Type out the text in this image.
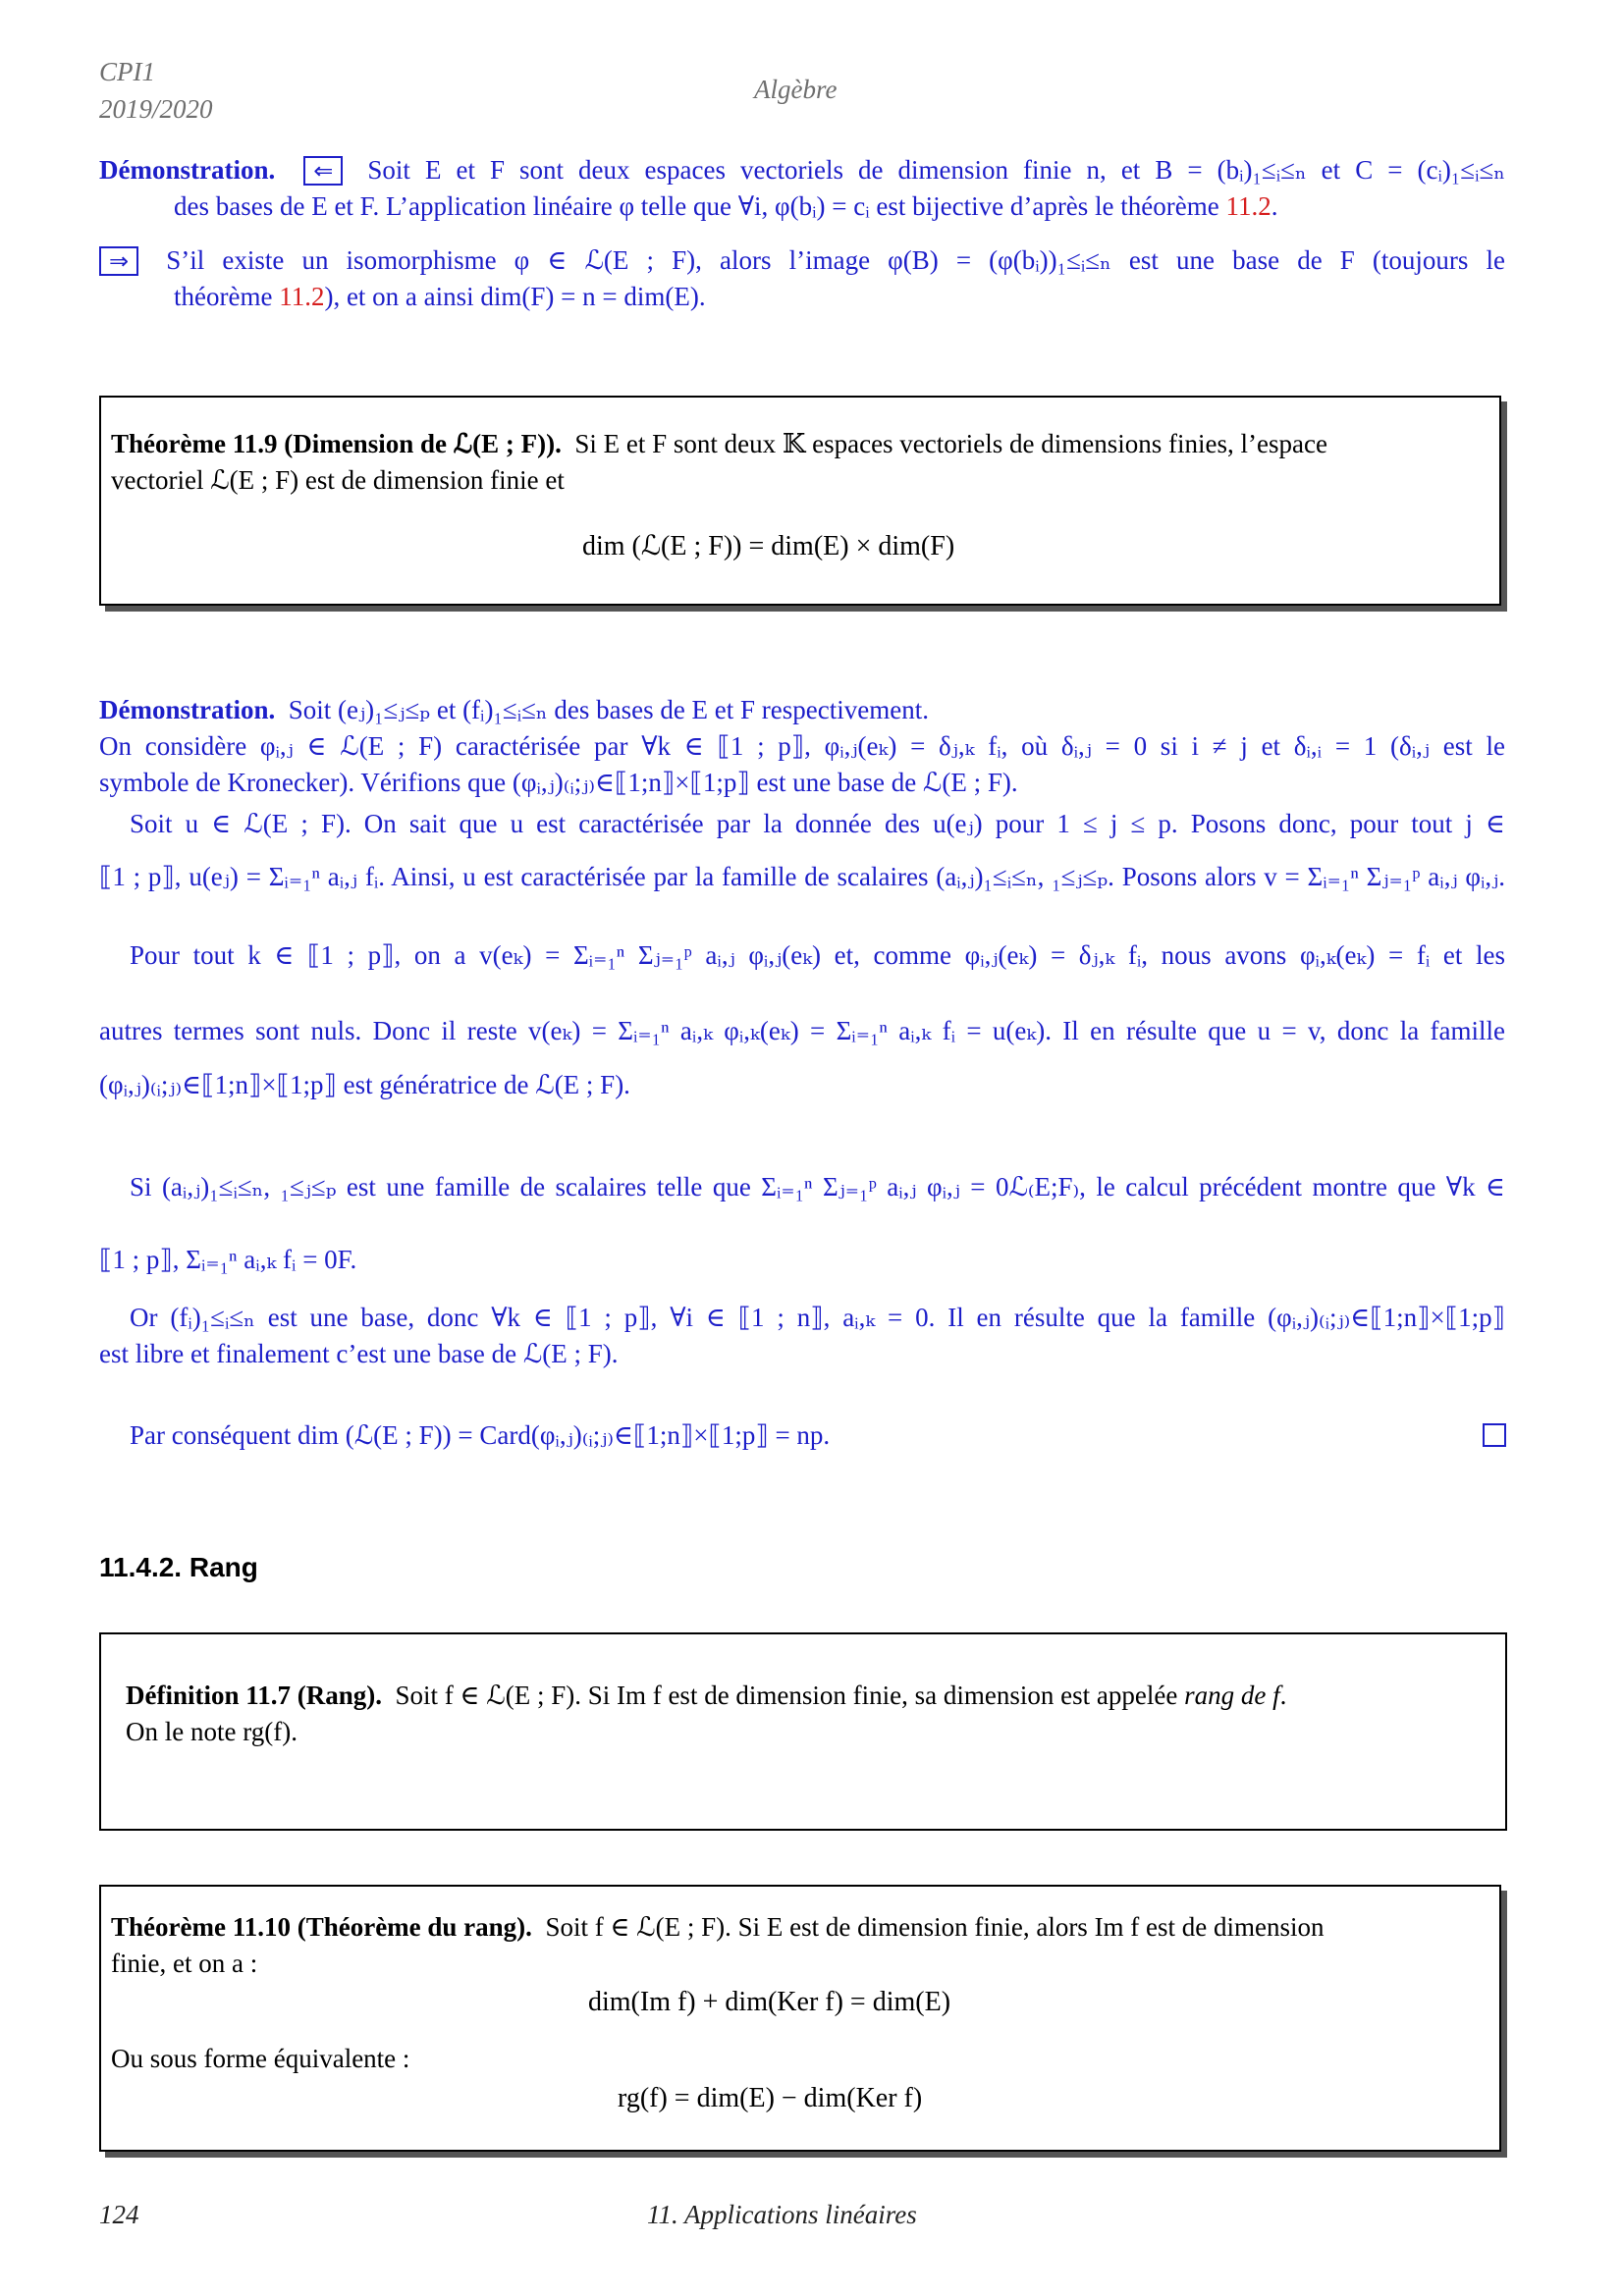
CPI1
2019/2020
Algèbre
Démonstration. ⇐ Soit E et F sont deux espaces vectoriels de dimension finie n, et B = (bᵢ)₁≤ᵢ≤ₙ et C = (cᵢ)₁≤ᵢ≤ₙ
des bases de E et F. L’application linéaire φ telle que ∀i, φ(bᵢ) = cᵢ est bijective d’après le théorème 11.2.
⇒ S’il existe un isomorphisme φ ∈ ℒ(E ; F), alors l’image φ(B) = (φ(bᵢ))₁≤ᵢ≤ₙ est une base de F (toujours le
théorème 11.2), et on a ainsi dim(F) = n = dim(E).
Théorème 11.9 (Dimension de ℒ(E ; F)). Si E et F sont deux 𝕂 espaces vectoriels de dimensions finies, l’espace
vectoriel ℒ(E ; F) est de dimension finie et
dim (ℒ(E ; F)) = dim(E) × dim(F)
Démonstration. Soit (eⱼ)₁≤ⱼ≤ₚ et (fᵢ)₁≤ᵢ≤ₙ des bases de E et F respectivement.
On considère φᵢ,ⱼ ∈ ℒ(E ; F) caractérisée par ∀k ∈ ⟦1 ; p⟧, φᵢ,ⱼ(eₖ) = δⱼ,ₖ fᵢ, où δᵢ,ⱼ = 0 si i ≠ j et δᵢ,ᵢ = 1 (δᵢ,ⱼ est le
symbole de Kronecker). Vérifions que (φᵢ,ⱼ)₍ᵢ;ⱼ₎∈⟦1;n⟧×⟦1;p⟧ est une base de ℒ(E ; F).
Soit u ∈ ℒ(E ; F). On sait que u est caractérisée par la donnée des u(eⱼ) pour 1 ≤ j ≤ p. Posons donc, pour tout j ∈
⟦1 ; p⟧, u(eⱼ) = Σᵢ₌₁ⁿ aᵢ,ⱼ fᵢ. Ainsi, u est caractérisée par la famille de scalaires (aᵢ,ⱼ)₁≤ᵢ≤ₙ, ₁≤ⱼ≤ₚ. Posons alors v = Σᵢ₌₁ⁿ Σⱼ₌₁ᵖ aᵢ,ⱼ φᵢ,ⱼ.
Pour tout k ∈ ⟦1 ; p⟧, on a v(eₖ) = Σᵢ₌₁ⁿ Σⱼ₌₁ᵖ aᵢ,ⱼ φᵢ,ⱼ(eₖ) et, comme φᵢ,ⱼ(eₖ) = δⱼ,ₖ fᵢ, nous avons φᵢ,ₖ(eₖ) = fᵢ et les
autres termes sont nuls. Donc il reste v(eₖ) = Σᵢ₌₁ⁿ aᵢ,ₖ φᵢ,ₖ(eₖ) = Σᵢ₌₁ⁿ aᵢ,ₖ fᵢ = u(eₖ). Il en résulte que u = v, donc la famille
(φᵢ,ⱼ)₍ᵢ;ⱼ₎∈⟦1;n⟧×⟦1;p⟧ est génératrice de ℒ(E ; F).
Si (aᵢ,ⱼ)₁≤ᵢ≤ₙ, ₁≤ⱼ≤ₚ est une famille de scalaires telle que Σᵢ₌₁ⁿ Σⱼ₌₁ᵖ aᵢ,ⱼ φᵢ,ⱼ = 0ℒ₍E;F₎, le calcul précédent montre que ∀k ∈
⟦1 ; p⟧, Σᵢ₌₁ⁿ aᵢ,ₖ fᵢ = 0F.
Or (fᵢ)₁≤ᵢ≤ₙ est une base, donc ∀k ∈ ⟦1 ; p⟧, ∀i ∈ ⟦1 ; n⟧, aᵢ,ₖ = 0. Il en résulte que la famille (φᵢ,ⱼ)₍ᵢ;ⱼ₎∈⟦1;n⟧×⟦1;p⟧
est libre et finalement c’est une base de ℒ(E ; F).
Par conséquent dim (ℒ(E ; F)) = Card(φᵢ,ⱼ)₍ᵢ;ⱼ₎∈⟦1;n⟧×⟦1;p⟧ = np.
11.4.2. Rang
Définition 11.7 (Rang). Soit f ∈ ℒ(E ; F). Si Im f est de dimension finie, sa dimension est appelée rang de f.
On le note rg(f).
Théorème 11.10 (Théorème du rang). Soit f ∈ ℒ(E ; F). Si E est de dimension finie, alors Im f est de dimension
finie, et on a :
dim(Im f) + dim(Ker f) = dim(E)
Ou sous forme équivalente :
rg(f) = dim(E) − dim(Ker f)
124	11. Applications linéaires
